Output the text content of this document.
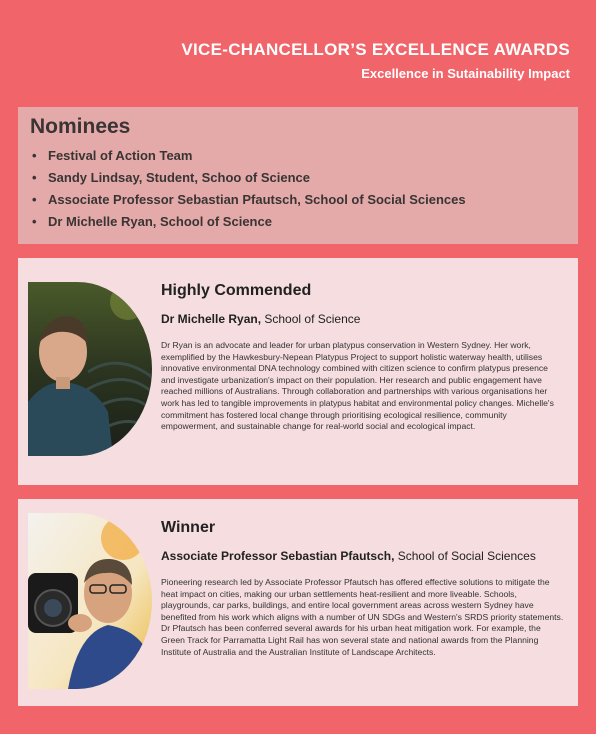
VICE-CHANCELLOR’S EXCELLENCE AWARDS
Excellence in Sutainability Impact
Nominees
• Festival of Action Team
• Sandy Lindsay, Student, Schoo of Science
• Associate Professor Sebastian Pfautsch, School of Social Sciences
• Dr Michelle Ryan, School of Science
Highly Commended
Dr Michelle Ryan, School of Science
Dr Ryan is an advocate and leader for urban platypus conservation in Western Sydney. Her work, exemplified by the Hawkesbury-Nepean Platypus Project to support holistic waterway health, utilises innovative environmental DNA technology combined with citizen science to confirm platypus presence and investigate urbanization's impact on their population. Her research and public engagement have reached millions of Australians. Through collaboration and partnerships with various organisations her work has led to tangible improvements in platypus habitat and environmental policy changes. Michelle's commitment has fostered local change through prioritising ecological resilience, community empowerment, and sustainable change for real-world social and ecological impact.
Winner
Associate Professor Sebastian Pfautsch, School of Social Sciences
Pioneering research led by Associate Professor Pfautsch has offered effective solutions to mitigate the heat impact on cities, making our urban settlements heat-resilient and more liveable. Schools, playgrounds, car parks, buildings, and entire local government areas across western Sydney have benefited from his work which aligns with a number of UN SDGs and Western's SRDS priority statements. Dr Pfautsch has been conferred several awards for his urban heat mitigation work. For example, the Green Track for Parramatta Light Rail has won several state and national awards from the Planning Institute of Australia and the Australian Institute of Landscape Architects.
